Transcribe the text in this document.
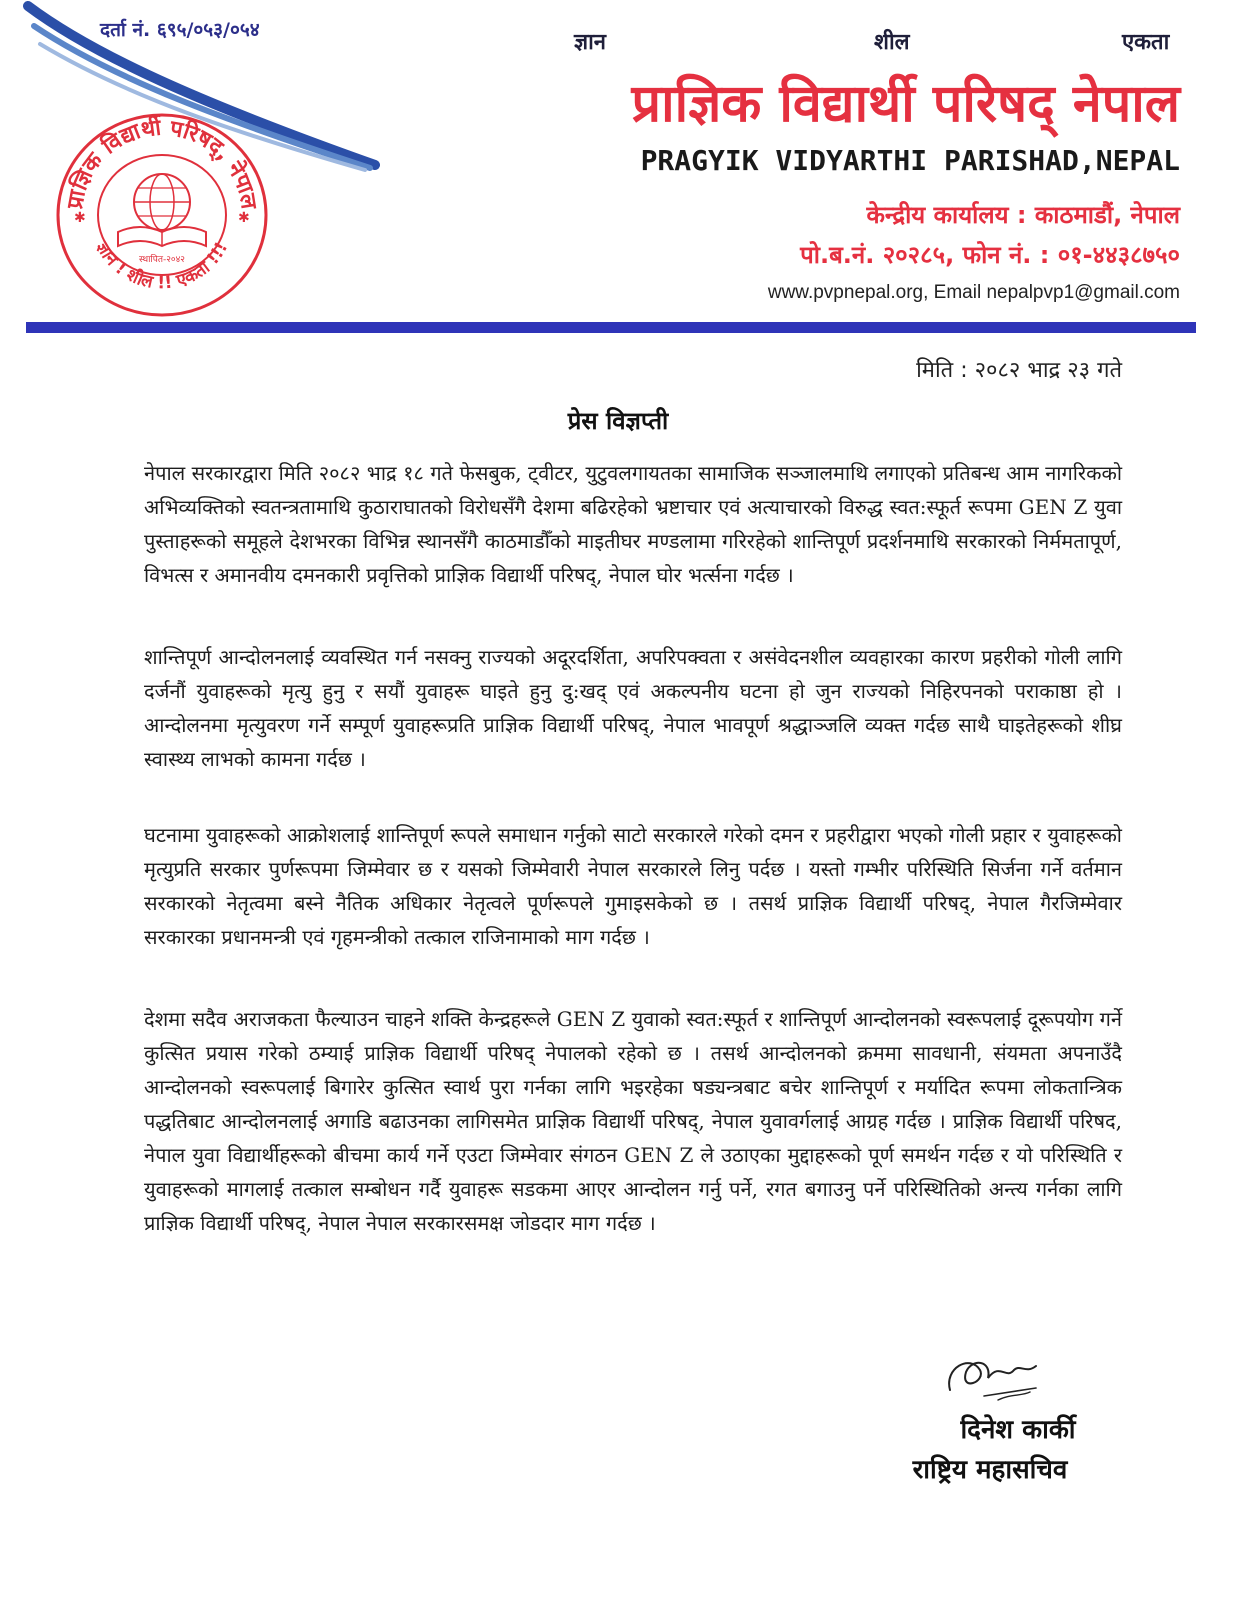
दर्ता नं. ६९५/०५३/०५४	ज्ञान	शील	एकता
प्राज्ञिक विद्यार्थी परिषद्, नेपाल
ज्ञान ! शील !! एकता !!!
स्थापित-२०४२
✱	✱
प्राज्ञिक विद्यार्थी परिषद् नेपाल
PRAGYIK VIDYARTHI PARISHAD,NEPAL
केन्द्रीय कार्यालय : काठमाडौं, नेपाल
पो.ब.नं. २०२८५, फोन नं. : ०१-४४३८७५०
www.pvpnepal.org, Email nepalpvp1@gmail.com
मिति : २०८२ भाद्र २३ गते
प्रेस विज्ञप्ती
नेपाल सरकारद्वारा मिति २०८२ भाद्र १८ गते फेसबुक, ट्वीटर, युटुवलगायतका सामाजिक सञ्जालमाथि लगाएको प्रतिबन्ध आम नागरिकको अभिव्यक्तिको स्वतन्त्रतामाथि कुठाराघातको विरोधसँगै देशमा बढिरहेको भ्रष्टाचार एवं अत्याचारको विरुद्ध स्वत:स्फूर्त रूपमा GEN Z युवा पुस्ताहरूको समूहले देशभरका विभिन्न स्थानसँगै काठमाडौँको माइतीघर मण्डलामा गरिरहेको शान्तिपूर्ण प्रदर्शनमाथि सरकारको निर्ममतापूर्ण, विभत्स र अमानवीय दमनकारी प्रवृत्तिको प्राज्ञिक विद्यार्थी परिषद्, नेपाल घोर भर्त्सना गर्दछ ।
शान्तिपूर्ण आन्दोलनलाई व्यवस्थित गर्न नसक्नु राज्यको अदूरदर्शिता, अपरिपक्वता र असंवेदनशील व्यवहारका कारण प्रहरीको गोली लागि दर्जनौं युवाहरूको मृत्यु हुनु र सयौं युवाहरू घाइते हुनु दु:खद् एवं अकल्पनीय घटना हो जुन राज्यको निहिरपनको पराकाष्ठा हो । आन्दोलनमा मृत्युवरण गर्ने सम्पूर्ण युवाहरूप्रति प्राज्ञिक विद्यार्थी परिषद्, नेपाल भावपूर्ण श्रद्धाञ्जलि व्यक्त गर्दछ साथै घाइतेहरूको शीघ्र स्वास्थ्य लाभको कामना गर्दछ ।
घटनामा युवाहरूको आक्रोशलाई शान्तिपूर्ण रूपले समाधान गर्नुको साटो सरकारले गरेको दमन र प्रहरीद्वारा भएको गोली प्रहार र युवाहरूको मृत्युप्रति सरकार पुर्णरूपमा जिम्मेवार छ र यसको जिम्मेवारी नेपाल सरकारले लिनु पर्दछ । यस्तो गम्भीर परिस्थिति सिर्जना गर्ने वर्तमान सरकारको नेतृत्वमा बस्ने नैतिक अधिकार नेतृत्वले पूर्णरूपले गुमाइसकेको छ । तसर्थ प्राज्ञिक विद्यार्थी परिषद्, नेपाल गैरजिम्मेवार सरकारका प्रधानमन्त्री एवं गृहमन्त्रीको तत्काल राजिनामाको माग गर्दछ ।
देशमा सदैव अराजकता फैल्याउन चाहने शक्ति केन्द्रहरूले GEN Z युवाको स्वत:स्फूर्त र शान्तिपूर्ण आन्दोलनको स्वरूपलाई दूरूपयोग गर्ने कुत्सित प्रयास गरेको ठम्याई प्राज्ञिक विद्यार्थी परिषद् नेपालको रहेको छ । तसर्थ आन्दोलनको क्रममा सावधानी, संयमता अपनाउँदै आन्दोलनको स्वरूपलाई बिगारेर कुत्सित स्वार्थ पुरा गर्नका लागि भइरहेका षड्यन्त्रबाट बचेर शान्तिपूर्ण र मर्यादित रूपमा लोकतान्त्रिक पद्धतिबाट आन्दोलनलाई अगाडि बढाउनका लागिसमेत प्राज्ञिक विद्यार्थी परिषद्, नेपाल युवावर्गलाई आग्रह गर्दछ । प्राज्ञिक विद्यार्थी परिषद, नेपाल युवा विद्यार्थीहरूको बीचमा कार्य गर्ने एउटा जिम्मेवार संगठन GEN Z ले उठाएका मुद्दाहरूको पूर्ण समर्थन गर्दछ र यो परिस्थिति र युवाहरूको मागलाई तत्काल सम्बोधन गर्दै युवाहरू सडकमा आएर आन्दोलन गर्नु पर्ने, रगत बगाउनु पर्ने परिस्थितिको अन्त्य गर्नका लागि प्राज्ञिक विद्यार्थी परिषद्, नेपाल नेपाल सरकारसमक्ष जोडदार माग गर्दछ ।
दिनेश कार्की
राष्ट्रिय महासचिव
